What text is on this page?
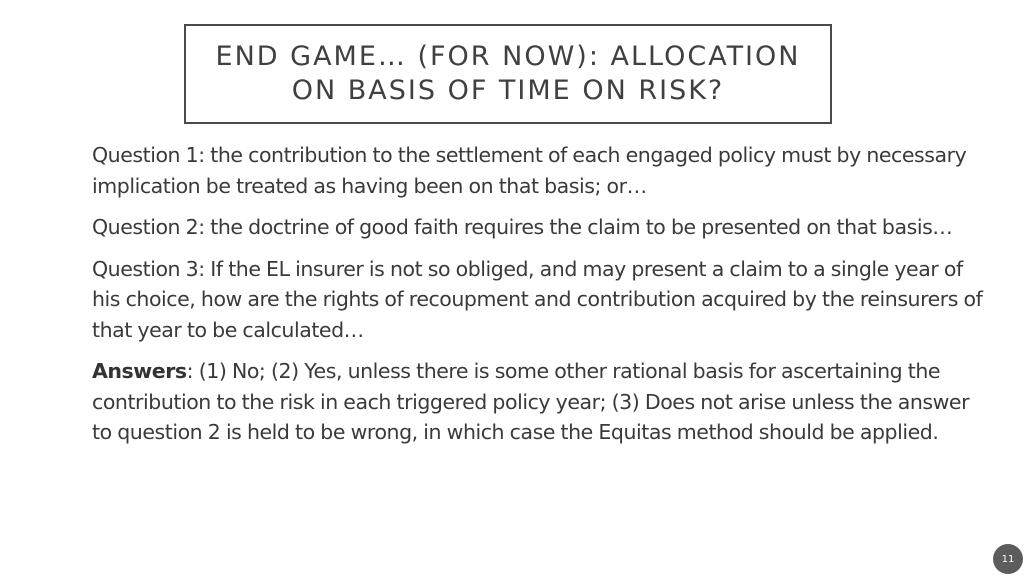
END GAME… (FOR NOW): ALLOCATION
ON BASIS OF TIME ON RISK?

Question 1: the contribution to the settlement of each engaged policy must by necessary implication be treated as having been on that basis; or…

Question 2: the doctrine of good faith requires the claim to be presented on that basis…

Question 3: If the EL insurer is not so obliged, and may present a claim to a single year of his choice, how are the rights of recoupment and contribution acquired by the reinsurers of that year to be calculated…

Answers: (1) No; (2) Yes, unless there is some other rational basis for ascertaining the contribution to the risk in each triggered policy year; (3) Does not arise unless the answer to question 2 is held to be wrong, in which case the Equitas method should be applied.

11
